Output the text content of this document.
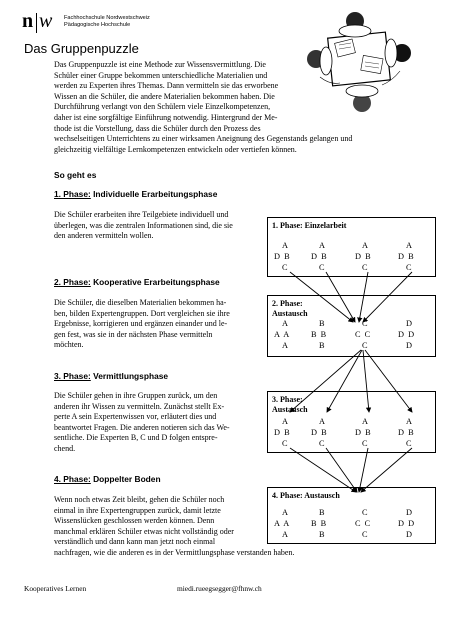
n w Fachhochschule Nordwestschweiz
Pädagogische Hochschule
Das Gruppenpuzzle
Das Gruppenpuzzle ist eine Methode zur Wissensvermittlung. Die
Schüler einer Gruppe bekommen unterschiedliche Materialien und
werden zu Experten ihres Themas. Dann vermitteln sie das erworbene
Wissen an die Schüler, die andere Materialien bekommen haben. Die
Durchführung verlangt von den Schülern viele Einzelkompetenzen,
daher ist eine sorgfältige Einführung notwendig. Hintergrund der Me-
thode ist die Vorstellung, dass die Schüler durch den Prozess des
wechselseitigen Unterrichtens zu einer wirksamen Aneignung des Gegenstands gelangen und
gleichzeitig vielfältige Lernkompetenzen entwickeln oder vertiefen können.
So geht es
1. Phase: Individuelle Erarbeitungsphase
Die Schüler erarbeiten ihre Teilgebiete individuell und
überlegen, was die zentralen Informationen sind, die sie
den anderen vermitteln wollen.
2. Phase: Kooperative Erarbeitungsphase
Die Schüler, die dieselben Materialien bekommen ha-
ben, bilden Expertengruppen. Dort vergleichen sie ihre
Ergebnisse, korrigieren und ergänzen einander und le-
gen fest, was sie in der nächsten Phase vermitteln
möchten.
3. Phase: Vermittlungsphase
Die Schüler gehen in ihre Gruppen zurück, um den
anderen ihr Wissen zu vermitteln. Zunächst stellt Ex-
perte A sein Expertenwissen vor, erläutert dies und
beantwortet Fragen. Die anderen notieren sich das We-
sentliche. Die Experten B, C und D folgen entspre-
chend.
4. Phase: Doppelter Boden
Wenn noch etwas Zeit bleibt, gehen die Schüler noch
einmal in ihre Expertengruppen zurück, damit letzte
Wissenslücken geschlossen werden können. Denn
manchmal erklären Schüler etwas nicht vollständig oder
verständlich und dann kann man jetzt noch einmal
nachfragen, wie die anderen es in der Vermittlungsphase verstanden haben.
1. Phase: Einzelarbeit
2. Phase:
Austausch
3. Phase:
Austausch
4. Phase: Austausch
A	A	A	A
D  B	D  B	D  B	D  B
C	C	C	C
A	B	C	D
A  A	B  B	C  C	D  D
A	B	C	D
A	A	A	A
D  B	D  B	D  B	D  B
C	C	C	C
A	B	C	D
A  A	B  B	C  C	D  D
A	B	C	D
Kooperatives Lernen	miedi.rueegsegger@fhnw.ch
